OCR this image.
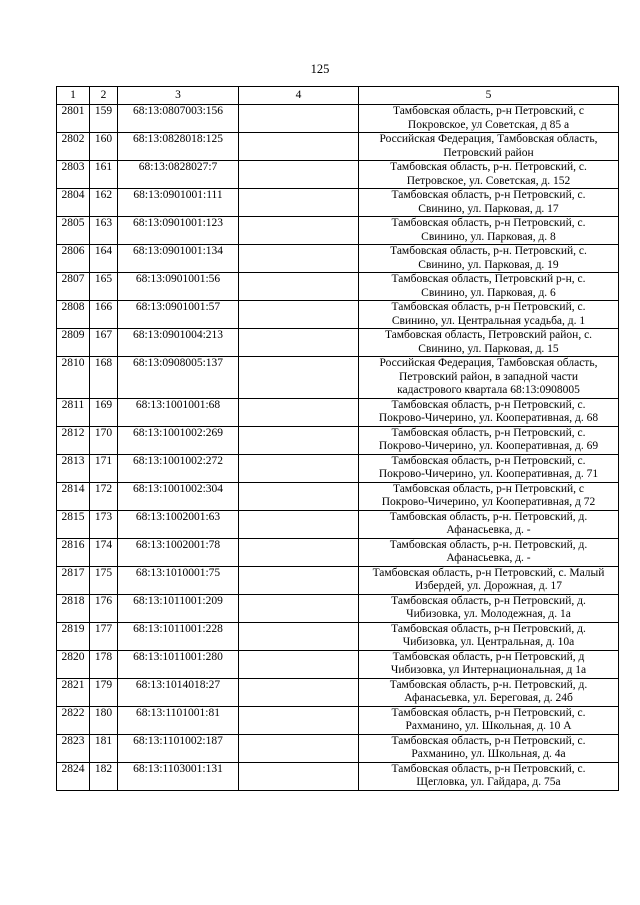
125
1	2	3	4	5
2801	159	68:13:0807003:156		Тамбовская область, р-н Петровский, с
Покровское, ул Советская, д 85 а
2802	160	68:13:0828018:125		Российская Федерация, Тамбовская область,
Петровский район
2803	161	68:13:0828027:7		Тамбовская область, р-н. Петровский, с.
Петровское, ул. Советская, д. 152
2804	162	68:13:0901001:111		Тамбовская область, р-н Петровский, с.
Свинино, ул. Парковая, д. 17
2805	163	68:13:0901001:123		Тамбовская область, р-н Петровский, с.
Свинино, ул. Парковая, д. 8
2806	164	68:13:0901001:134		Тамбовская область, р-н. Петровский, с.
Свинино, ул. Парковая, д. 19
2807	165	68:13:0901001:56		Тамбовская область, Петровский р-н, с.
Свинино, ул. Парковая, д. 6
2808	166	68:13:0901001:57		Тамбовская область, р-н Петровский, с.
Свинино, ул. Центральная усадьба, д. 1
2809	167	68:13:0901004:213		Тамбовская область, Петровский район, с.
Свинино, ул. Парковая, д. 15
2810	168	68:13:0908005:137		Российская Федерация, Тамбовская область,
Петровский район, в западной части
кадастрового квартала 68:13:0908005
2811	169	68:13:1001001:68		Тамбовская область, р-н Петровский, с.
Покрово-Чичерино, ул. Кооперативная, д. 68
2812	170	68:13:1001002:269		Тамбовская область, р-н Петровский, с.
Покрово-Чичерино, ул. Кооперативная, д. 69
2813	171	68:13:1001002:272		Тамбовская область, р-н Петровский, с.
Покрово-Чичерино, ул. Кооперативная, д. 71
2814	172	68:13:1001002:304		Тамбовская область, р-н Петровский, с
Покрово-Чичерино, ул Кооперативная, д 72
2815	173	68:13:1002001:63		Тамбовская область, р-н. Петровский, д.
Афанасьевка, д. -
2816	174	68:13:1002001:78		Тамбовская область, р-н. Петровский, д.
Афанасьевка, д. -
2817	175	68:13:1010001:75		Тамбовская область, р-н Петровский, с. Малый
Избердей, ул. Дорожная, д. 17
2818	176	68:13:1011001:209		Тамбовская область, р-н Петровский, д.
Чибизовка, ул. Молодежная, д. 1а
2819	177	68:13:1011001:228		Тамбовская область, р-н Петровский, д.
Чибизовка, ул. Центральная, д. 10а
2820	178	68:13:1011001:280		Тамбовская область, р-н Петровский, д
Чибизовка, ул Интернациональная, д 1а
2821	179	68:13:1014018:27		Тамбовская область, р-н. Петровский, д.
Афанасьевка, ул. Береговая, д. 24б
2822	180	68:13:1101001:81		Тамбовская область, р-н Петровский, с.
Рахманино, ул. Школьная, д. 10 А
2823	181	68:13:1101002:187		Тамбовская область, р-н Петровский, с.
Рахманино, ул. Школьная, д. 4а
2824	182	68:13:1103001:131		Тамбовская область, р-н Петровский, с.
Щегловка, ул. Гайдара, д. 75а
